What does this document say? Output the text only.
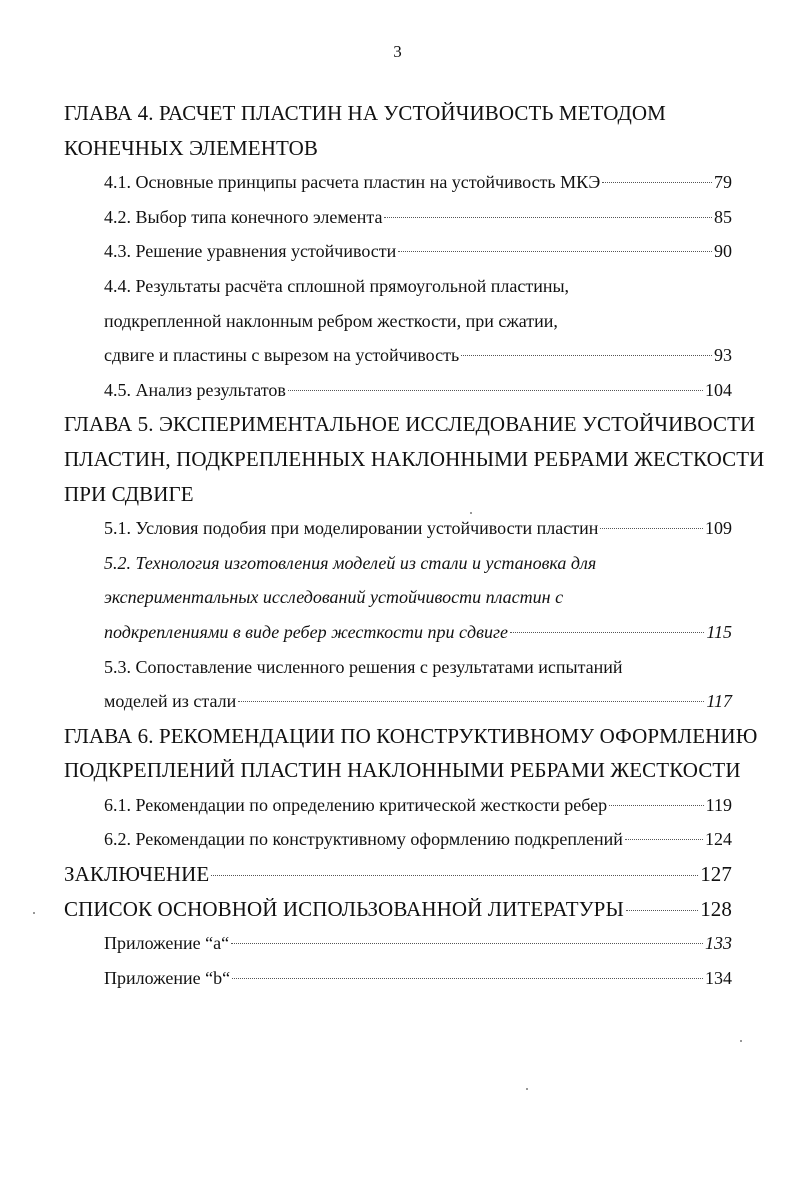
3
ГЛАВА 4. РАСЧЕТ ПЛАСТИН НА УСТОЙЧИВОСТЬ МЕТОДОМ
КОНЕЧНЫХ ЭЛЕМЕНТОВ
4.1. Основные принципы расчета пластин на устойчивость МКЭ	79
4.2. Выбор типа конечного элемента	85
4.3. Решение уравнения устойчивости	90
4.4. Результаты расчёта сплошной прямоугольной пластины,
подкрепленной наклонным ребром жесткости, при сжатии,
сдвиге и пластины с вырезом на устойчивость	93
4.5. Анализ результатов	104
ГЛАВА 5. ЭКСПЕРИМЕНТАЛЬНОЕ ИССЛЕДОВАНИЕ УСТОЙЧИВОСТИ
ПЛАСТИН, ПОДКРЕПЛЕННЫХ НАКЛОННЫМИ РЕБРАМИ ЖЕСТКОСТИ
ПРИ СДВИГЕ
5.1. Условия подобия при моделировании устойчивости пластин	109
5.2. Технология изготовления моделей из стали и установка для
экспериментальных исследований устойчивости пластин с
подкреплениями в виде ребер жесткости при сдвиге	115
5.3. Сопоставление численного решения с результатами испытаний
моделей из стали	117
ГЛАВА 6. РЕКОМЕНДАЦИИ ПО КОНСТРУКТИВНОМУ ОФОРМЛЕНИЮ
ПОДКРЕПЛЕНИЙ ПЛАСТИН НАКЛОННЫМИ РЕБРАМИ ЖЕСТКОСТИ
6.1. Рекомендации по определению критической жесткости ребер	119
6.2. Рекомендации по конструктивному оформлению подкреплений	124
ЗАКЛЮЧЕНИЕ	127
СПИСОК ОСНОВНОЙ ИСПОЛЬЗОВАННОЙ ЛИТЕРАТУРЫ	128
Приложение “a“	133
Приложение “b“	134
